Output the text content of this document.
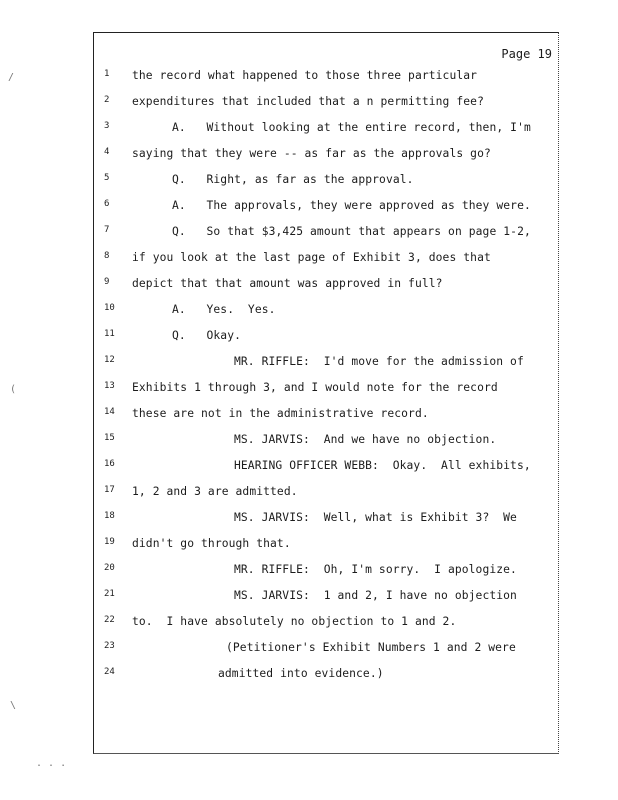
Page 19
1	the record what happened to those three particular
2	expenditures that included that a n permitting fee?
3	A.   Without looking at the entire record, then, I'm
4	saying that they were -- as far as the approvals go?
5	Q.   Right, as far as the approval.
6	A.   The approvals, they were approved as they were.
7	Q.   So that $3,425 amount that appears on page 1-2,
8	if you look at the last page of Exhibit 3, does that
9	depict that that amount was approved in full?
10	A.   Yes.  Yes.
11	Q.   Okay.
12	MR. RIFFLE:  I'd move for the admission of
13	Exhibits 1 through 3, and I would note for the record
14	these are not in the administrative record.
15	MS. JARVIS:  And we have no objection.
16	HEARING OFFICER WEBB:  Okay.  All exhibits,
17	1, 2 and 3 are admitted.
18	MS. JARVIS:  Well, what is Exhibit 3?  We
19	didn't go through that.
20	MR. RIFFLE:  Oh, I'm sorry.  I apologize.
21	MS. JARVIS:  1 and 2, I have no objection
22	to.  I have absolutely no objection to 1 and 2.
23	(Petitioner's Exhibit Numbers 1 and 2 were
24	admitted into evidence.)
/
(
\
. . .
